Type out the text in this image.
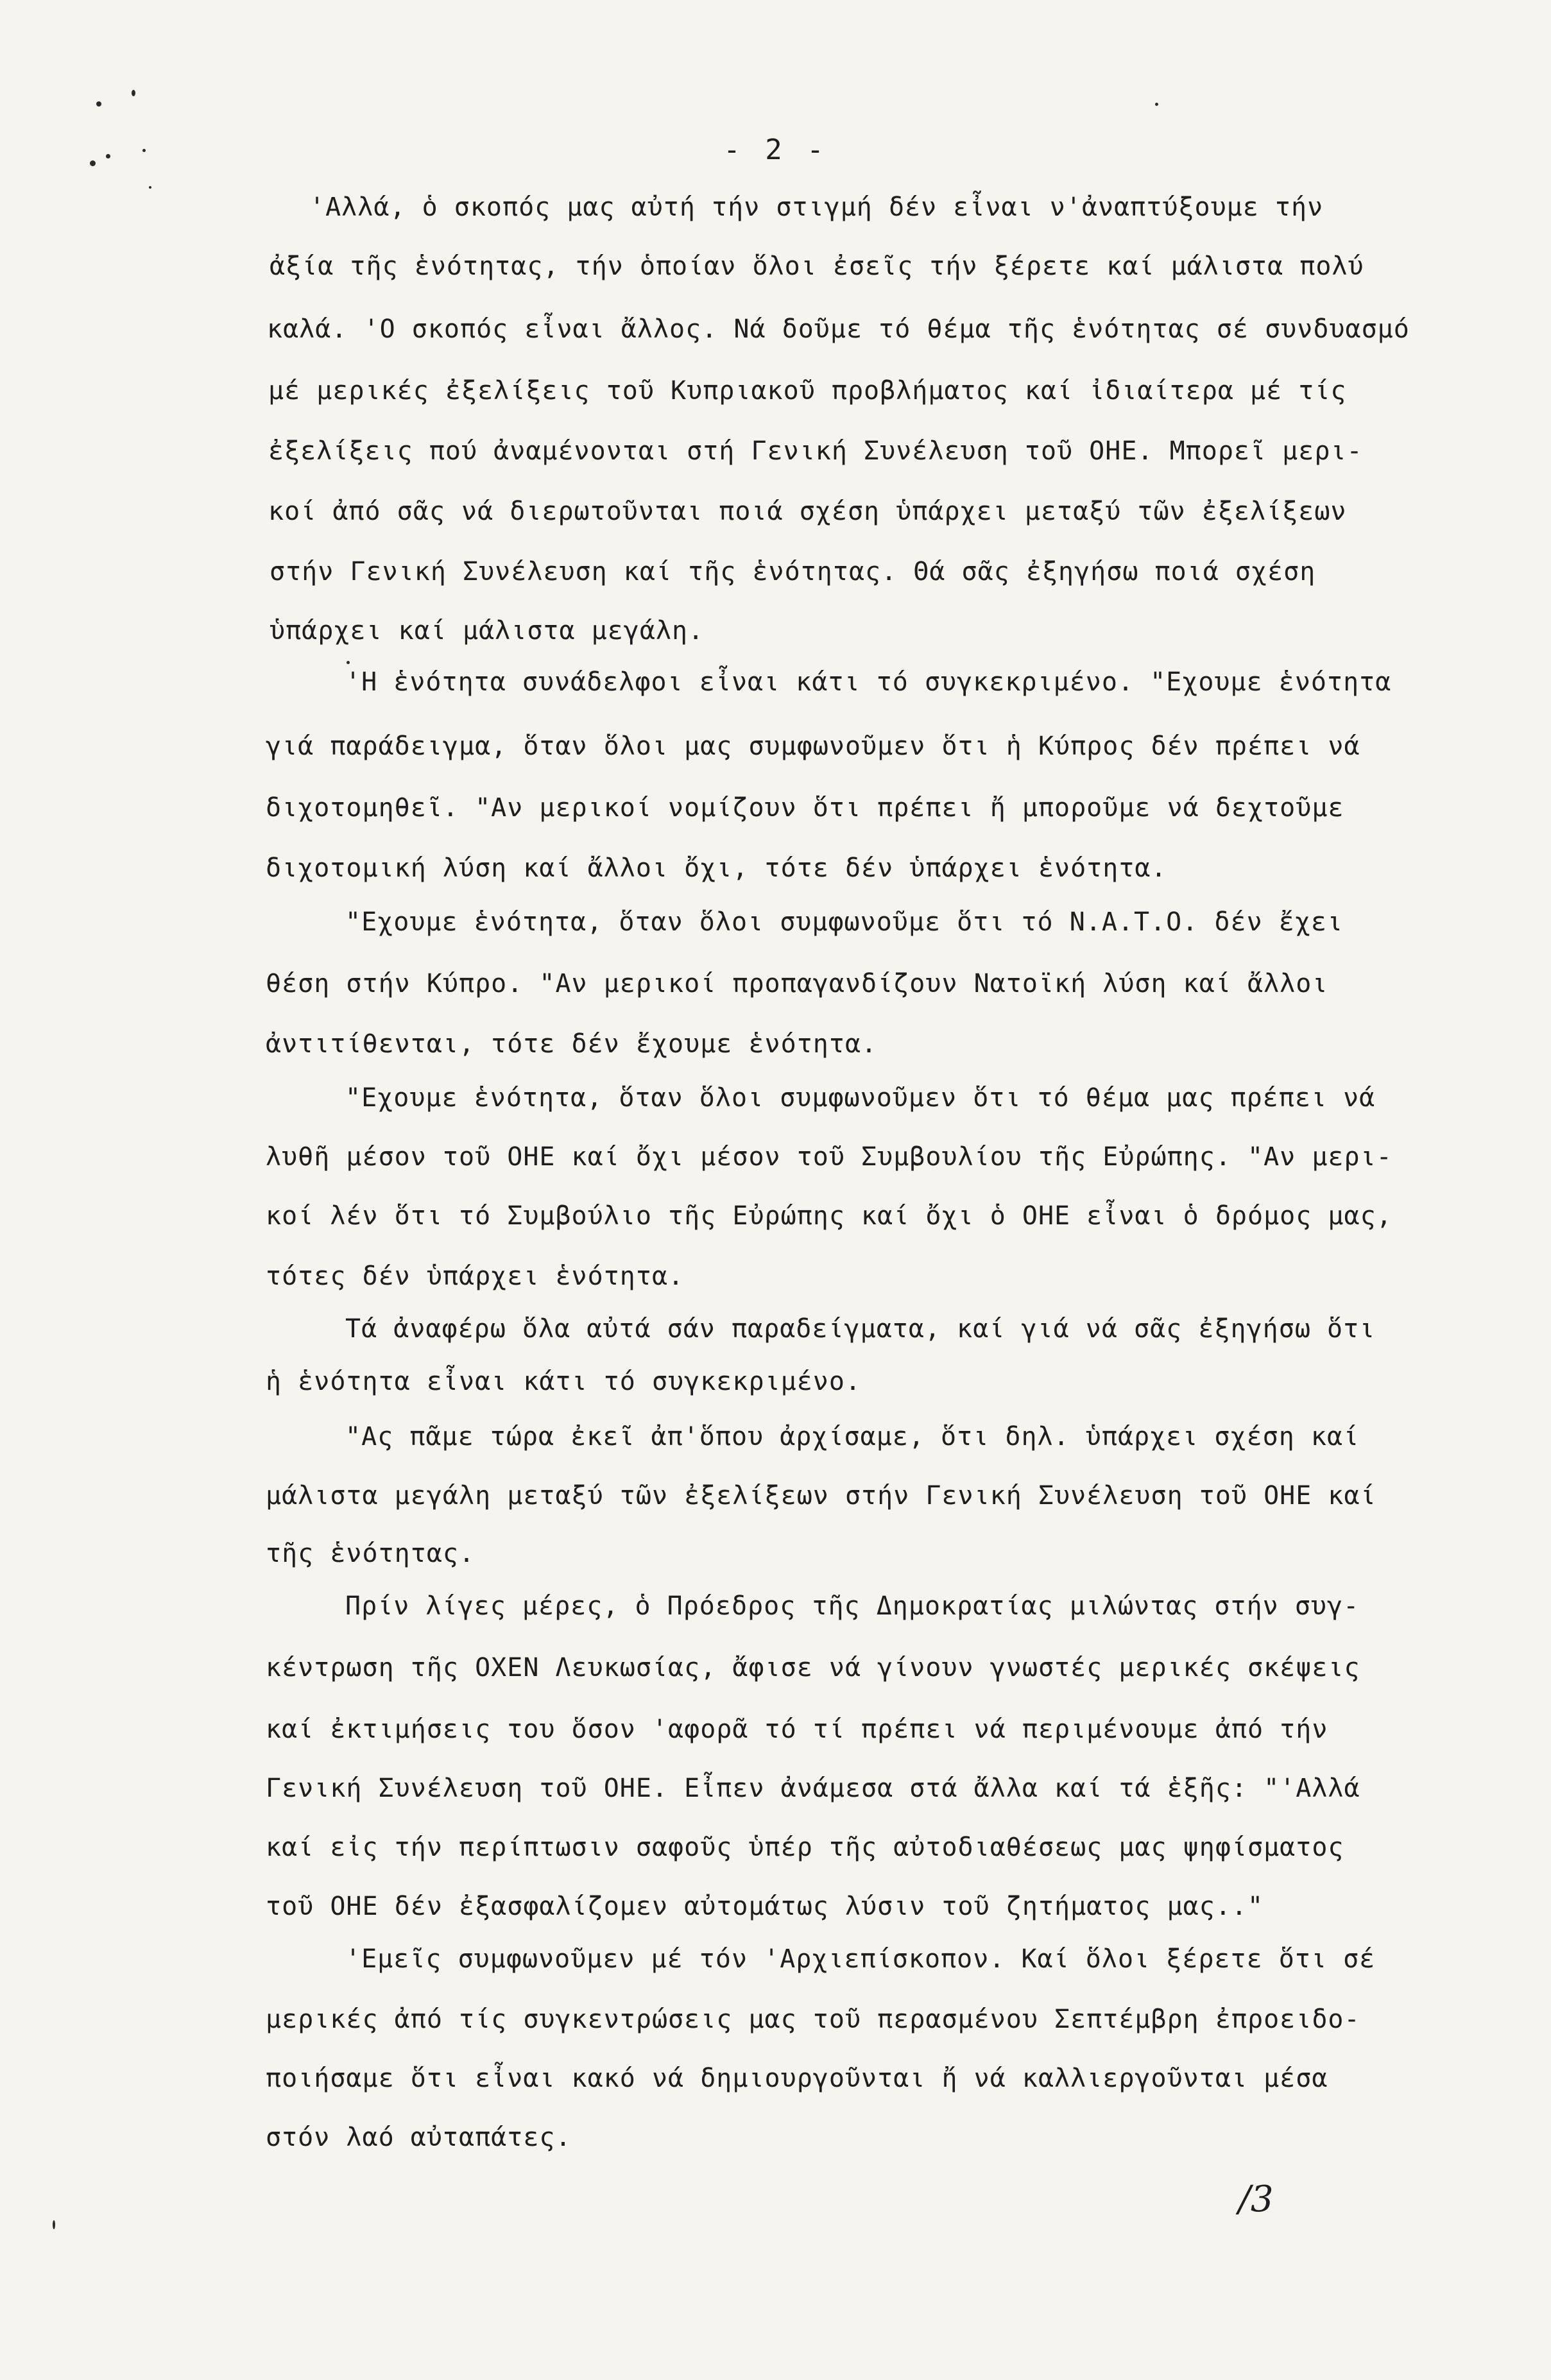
- 2 -
'Αλλά, ὁ σκοπός μας αὐτή τήν στιγμή δέν εἶναι ν'ἀναπτύξουμε τήν
ἀξία τῆς ἑνότητας, τήν ὁποίαν ὅλοι ἐσεῖς τήν ξέρετε καί μάλιστα πολύ
καλά. 'Ο σκοπός εἶναι ἄλλος. Νά δοῦμε τό θέμα τῆς ἑνότητας σέ συνδυασμό
μέ μερικές ἐξελίξεις τοῦ Κυπριακοῦ προβλήματος καί ἰδιαίτερα μέ τίς
ἐξελίξεις πού ἀναμένονται στή Γενική Συνέλευση τοῦ ΟΗΕ. Μπορεῖ μερι-
κοί ἀπό σᾶς νά διερωτοῦνται ποιά σχέση ὑπάρχει μεταξύ τῶν ἐξελίξεων
στήν Γενική Συνέλευση καί τῆς ἑνότητας. Θά σᾶς ἐξηγήσω ποιά σχέση
ὑπάρχει καί μάλιστα μεγάλη.
'Η ἑνότητα συνάδελφοι εἶναι κάτι τό συγκεκριμένο. "Εχουμε ἑνότητα
γιά παράδειγμα, ὅταν ὅλοι μας συμφωνοῦμεν ὅτι ἡ Κύπρος δέν πρέπει νά
διχοτομηθεῖ. "Αν μερικοί νομίζουν ὅτι πρέπει ἤ μποροῦμε νά δεχτοῦμε
διχοτομική λύση καί ἄλλοι ὄχι, τότε δέν ὑπάρχει ἑνότητα.
"Εχουμε ἑνότητα, ὅταν ὅλοι συμφωνοῦμε ὅτι τό Ν.Α.Τ.Ο. δέν ἔχει
θέση στήν Κύπρο. "Αν μερικοί προπαγανδίζουν Νατοϊκή λύση καί ἄλλοι
ἀντιτίθενται, τότε δέν ἔχουμε ἑνότητα.
"Εχουμε ἑνότητα, ὅταν ὅλοι συμφωνοῦμεν ὅτι τό θέμα μας πρέπει νά
λυθῆ μέσον τοῦ ΟΗΕ καί ὄχι μέσον τοῦ Συμβουλίου τῆς Εὐρώπης. "Αν μερι-
κοί λέν ὅτι τό Συμβούλιο τῆς Εὐρώπης καί ὄχι ὁ ΟΗΕ εἶναι ὁ δρόμος μας,
τότες δέν ὑπάρχει ἑνότητα.
Τά ἀναφέρω ὅλα αὐτά σάν παραδείγματα, καί γιά νά σᾶς ἐξηγήσω ὅτι
ἡ ἑνότητα εἶναι κάτι τό συγκεκριμένο.
"Ας πᾶμε τώρα ἐκεῖ ἀπ'ὅπου ἀρχίσαμε, ὅτι δηλ. ὑπάρχει σχέση καί
μάλιστα μεγάλη μεταξύ τῶν ἐξελίξεων στήν Γενική Συνέλευση τοῦ ΟΗΕ καί
τῆς ἑνότητας.
Πρίν λίγες μέρες, ὁ Πρόεδρος τῆς Δημοκρατίας μιλώντας στήν συγ-
κέντρωση τῆς ΟΧΕΝ Λευκωσίας, ἄφισε νά γίνουν γνωστές μερικές σκέψεις
καί ἐκτιμήσεις του ὅσον 'αφορᾶ τό τί πρέπει νά περιμένουμε ἀπό τήν
Γενική Συνέλευση τοῦ ΟΗΕ. Εἶπεν ἀνάμεσα στά ἄλλα καί τά ἑξῆς: "'Αλλά
καί εἰς τήν περίπτωσιν σαφοῦς ὑπέρ τῆς αὐτοδιαθέσεως μας ψηφίσματος
τοῦ ΟΗΕ δέν ἐξασφαλίζομεν αὐτομάτως λύσιν τοῦ ζητήματος μας.."
'Εμεῖς συμφωνοῦμεν μέ τόν 'Αρχιεπίσκοπον. Καί ὅλοι ξέρετε ὅτι σέ
μερικές ἀπό τίς συγκεντρώσεις μας τοῦ περασμένου Σεπτέμβρη ἐπροειδο-
ποιήσαμε ὅτι εἶναι κακό νά δημιουργοῦνται ἤ νά καλλιεργοῦνται μέσα
στόν λαό αὐταπάτες.
/3
